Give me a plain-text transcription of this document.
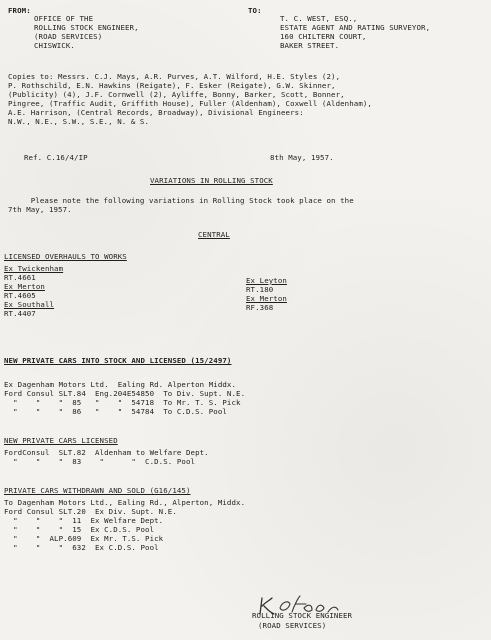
FROM:
OFFICE OF THE
ROLLING STOCK ENGINEER,
(ROAD SERVICES)
CHISWICK.
TO:
T. C. WEST, ESQ.,
ESTATE AGENT AND RATING SURVEYOR,
160 CHILTERN COURT,
BAKER STREET.
Copies to: Messrs. C.J. Mays, A.R. Purves, A.T. Wilford, H.E. Styles (2),
P. Rothschild, E.N. Hawkins (Reigate), F. Esker (Reigate), G.W. Skinner,
(Publicity) (4), J.F. Cornwell (2), Ayliffe, Bonny, Barker, Scott, Bonner,
Pingree, (Traffic Audit, Griffith House), Fuller (Aldenham), Coxwell (Aldenham),
A.E. Harrison, (Central Records, Broadway), Divisional Engineers:
N.W., N.E., S.W., S.E., N. & S.
Ref. C.16/4/IP	8th May, 1957.
VARIATIONS IN ROLLING STOCK
Please note the following variations in Rolling Stock took place on the
7th May, 1957.
CENTRAL
LICENSED OVERHAULS TO WORKS
Ex Twickenham
RT.4661
Ex Merton
RT.4605
Ex Southall
RT.4407
Ex Leyton
RT.180
Ex Merton
RF.368
NEW PRIVATE CARS INTO STOCK AND LICENSED (15/2497)
Ex Dagenham Motors Ltd.  Ealing Rd. Alperton Middx.
Ford Consul SLT.84  Eng.204E54850  To Div. Supt. N.E.
"    "    "  85   "    "  54718  To Mr. T. S. Pick
"    "    "  86   "    "  54784  To C.D.S. Pool
NEW PRIVATE CARS LICENSED
FordConsul  SLT.82  Aldenham to Welfare Dept.
"    "    "  83    "      "  C.D.S. Pool
PRIVATE CARS WITHDRAWN AND SOLD (G16/145)
To Dagenham Motors Ltd., Ealing Rd., Alperton, Middx.
Ford Consul SLT.20  Ex Div. Supt. N.E.
"    "    "  11  Ex Welfare Dept.
"    "    "  15  Ex C.D.S. Pool
"    "  ALP.609  Ex Mr. T.S. Pick
"    "    "  632  Ex C.D.S. Pool
ROLLING STOCK ENGINEER
(ROAD SERVICES)
